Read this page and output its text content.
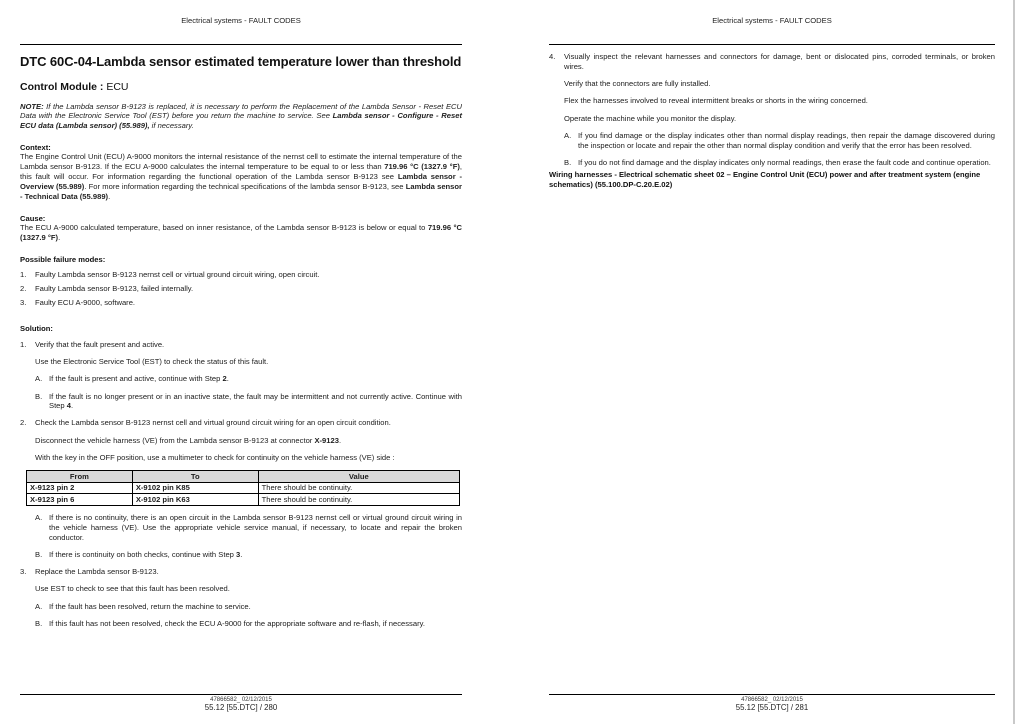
Electrical systems - FAULT CODES
DTC 60C-04-Lambda sensor estimated temperature lower than threshold
Control Module : ECU

NOTE: If the Lambda sensor B-9123 is replaced, it is necessary to perform the Replacement of the Lambda Sensor - Reset ECU Data with the Electronic Service Tool (EST) before you return the machine to service. See Lambda sensor - Configure - Reset ECU data (Lambda sensor) (55.989), if necessary.

Context:

The Engine Control Unit (ECU) A-9000 monitors the internal resistance of the nernst cell to estimate the internal temperature of the Lambda sensor B-9123. If the ECU A-9000 calculates the internal temperature to be equal to or less than 719.96 °C (1327.9 °F), this fault will occur. For information regarding the functional operation of the Lambda sensor B-9123 see Lambda sensor - Overview (55.989). For more information regarding the technical specifications of the lambda sensor B-9123, see Lambda sensor - Technical Data (55.989).

Cause:

The ECU A-9000 calculated temperature, based on inner resistance, of the Lambda sensor B-9123 is below or equal to 719.96 °C (1327.9 °F).

Possible failure modes:
1.	Faulty Lambda sensor B-9123 nernst cell or virtual ground circuit wiring, open circuit.
2.	Faulty Lambda sensor B-9123, failed internally.
3.	Faulty ECU A-9000, software.
Solution:
1.	Verify that the fault present and active.

Use the Electronic Service Tool (EST) to check the status of this fault.

A. If the fault is present and active, continue with Step 2.
B. If the fault is no longer present or in an inactive state, the fault may be intermittent and not currently active. Continue with Step 4.
2.	Check the Lambda sensor B-9123 nernst cell and virtual ground circuit wiring for an open circuit condition.

Disconnect the vehicle harness (VE) from the Lambda sensor B-9123 at connector X-9123.

With the key in the OFF position, use a multimeter to check for continuity on the vehicle harness (VE) side :

From	To	Value
X-9123 pin 2	X-9102 pin K85	There should be continuity.
X-9123 pin 6	X-9102 pin K63	There should be continuity.
A. If there is no continuity, there is an open circuit in the Lambda sensor B-9123 nernst cell or virtual ground circuit wiring in the vehicle harness (VE). Use the appropriate vehicle service manual, if necessary, to locate and repair the broken conductor.
B. If there is continuity on both checks, continue with Step 3.
3.	Replace the Lambda sensor B-9123.

Use EST to check to see that this fault has been resolved.

A. If the fault has been resolved, return the machine to service.
B. If this fault has not been resolved, check the ECU A-9000 for the appropriate software and re-flash, if necessary.
47866582_ 02/12/2015
55.12 [55.DTC] / 280
Electrical systems - FAULT CODES
4.	Visually inspect the relevant harnesses and connectors for damage, bent or dislocated pins, corroded terminals, or broken wires.

Verify that the connectors are fully installed.

Flex the harnesses involved to reveal intermittent breaks or shorts in the wiring concerned.

Operate the machine while you monitor the display.

A. If you find damage or the display indicates other than normal display readings, then repair the damage discovered during the inspection or locate and repair the other than normal display condition and verify that the error has been resolved.
B. If you do not find damage and the display indicates only normal readings, then erase the fault code and continue operation.

Wiring harnesses - Electrical schematic sheet 02 – Engine Control Unit (ECU) power and after treatment system (engine schematics) (55.100.DP-C.20.E.02)

47866582_ 02/12/2015
55.12 [55.DTC] / 281
